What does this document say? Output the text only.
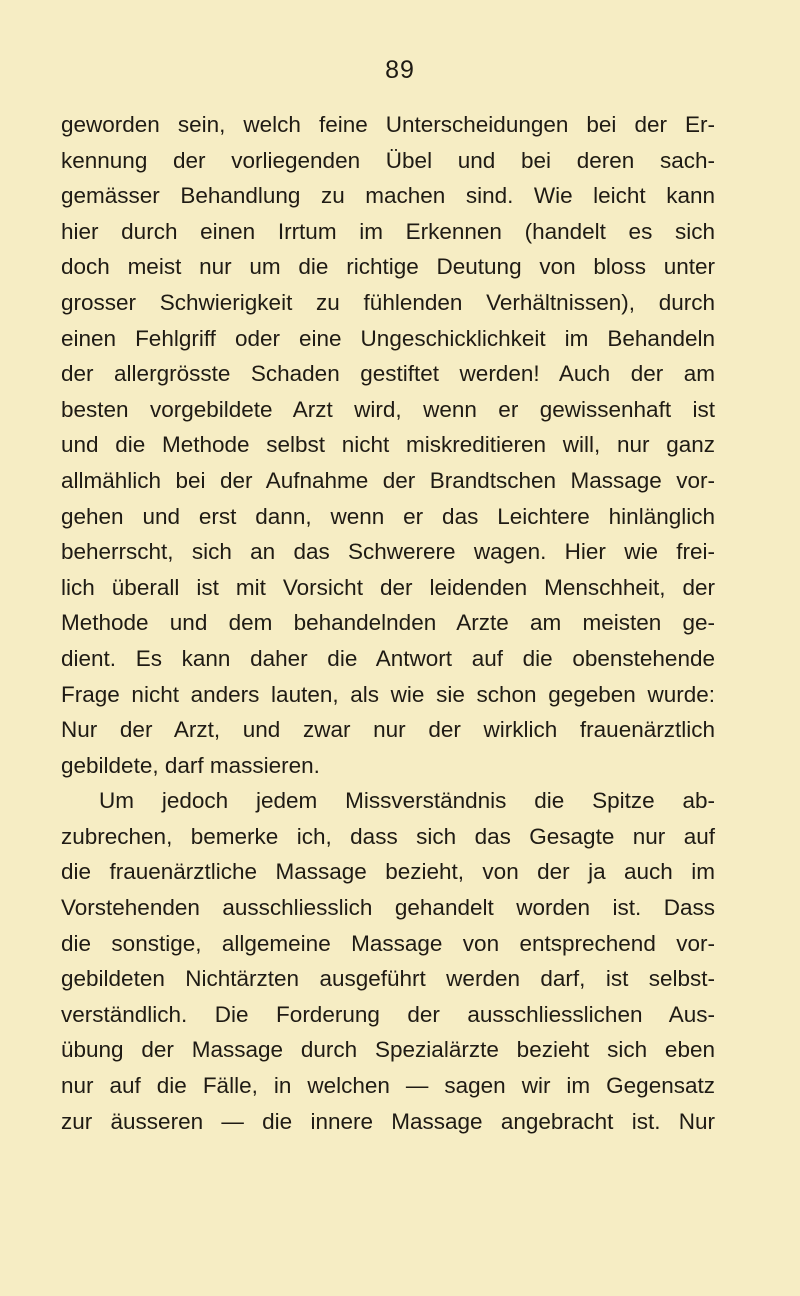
89
geworden sein, welch feine Unterscheidungen bei der Er-
kennung der vorliegenden Übel und bei deren sach-
gemässer Behandlung zu machen sind. Wie leicht kann
hier durch einen Irrtum im Erkennen (handelt es sich
doch meist nur um die richtige Deutung von bloss unter
grosser Schwierigkeit zu fühlenden Verhältnissen), durch
einen Fehlgriff oder eine Ungeschicklichkeit im Behandeln
der allergrösste Schaden gestiftet werden! Auch der am
besten vorgebildete Arzt wird, wenn er gewissenhaft ist
und die Methode selbst nicht miskreditieren will, nur ganz
allmählich bei der Aufnahme der Brandtschen Massage vor-
gehen und erst dann, wenn er das Leichtere hinlänglich
beherrscht, sich an das Schwerere wagen. Hier wie frei-
lich überall ist mit Vorsicht der leidenden Menschheit, der
Methode und dem behandelnden Arzte am meisten ge-
dient. Es kann daher die Antwort auf die obenstehende
Frage nicht anders lauten, als wie sie schon gegeben wurde:
Nur der Arzt, und zwar nur der wirklich frauenärztlich
gebildete, darf massieren.
Um jedoch jedem Missverständnis die Spitze ab-
zubrechen, bemerke ich, dass sich das Gesagte nur auf
die frauenärztliche Massage bezieht, von der ja auch im
Vorstehenden ausschliesslich gehandelt worden ist. Dass
die sonstige, allgemeine Massage von entsprechend vor-
gebildeten Nichtärzten ausgeführt werden darf, ist selbst-
verständlich. Die Forderung der ausschliesslichen Aus-
übung der Massage durch Spezialärzte bezieht sich eben
nur auf die Fälle, in welchen — sagen wir im Gegensatz
zur äusseren — die innere Massage angebracht ist. Nur
